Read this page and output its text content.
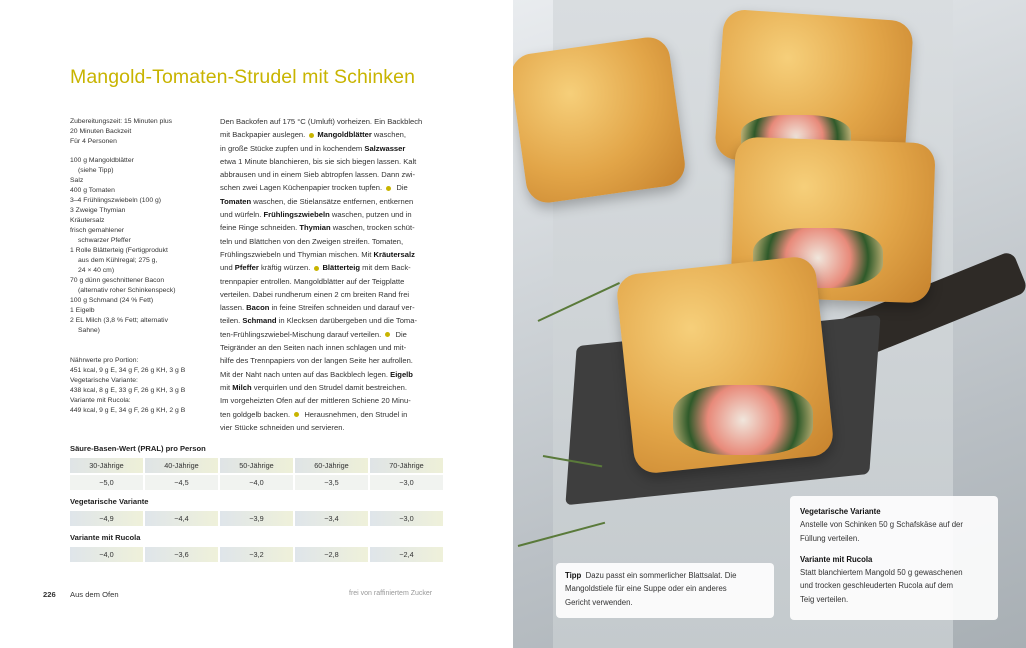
Mangold-Tomaten-Strudel mit Schinken
Zubereitungszeit: 15 Minuten plus
20 Minuten Backzeit
Für 4 Personen
100 g Mangoldblätter
(siehe Tipp)
Salz
400 g Tomaten
3–4 Frühlingszwiebeln (100 g)
3 Zweige Thymian
Kräutersalz
frisch gemahlener
schwarzer Pfeffer
1 Rolle Blätterteig (Fertigprodukt
aus dem Kühlregal; 275 g,
24 × 40 cm)
70 g dünn geschnittener Bacon
(alternativ roher Schinkenspeck)
100 g Schmand (24 % Fett)
1 Eigelb
2 EL Milch (3,8 % Fett; alternativ
Sahne)
Nährwerte pro Portion:
451 kcal, 9 g E, 34 g F, 26 g KH, 3 g B
Vegetarische Variante:
438 kcal, 8 g E, 33 g F, 26 g KH, 3 g B
Variante mit Rucola:
449 kcal, 9 g E, 34 g F, 26 g KH, 2 g B
Den Backofen auf 175 °C (Umluft) vorheizen. Ein Backblech
mit Backpapier auslegen. Mangoldblätter waschen,
in große Stücke zupfen und in kochendem Salzwasser
etwa 1 Minute blanchieren, bis sie sich biegen lassen. Kalt
abbrausen und in einem Sieb abtropfen lassen. Dann zwi-
schen zwei Lagen Küchenpapier trocken tupfen.  Die
Tomaten waschen, die Stielansätze entfernen, entkernen
und würfeln. Frühlingszwiebeln waschen, putzen und in
feine Ringe schneiden. Thymian waschen, trocken schüt-
teln und Blättchen von den Zweigen streifen. Tomaten,
Frühlingszwiebeln und Thymian mischen. Mit Kräutersalz
und Pfeffer kräftig würzen. Blätterteig mit dem Back-
trennpapier entrollen. Mangoldblätter auf der Teigplatte
verteilen. Dabei rundherum einen 2 cm breiten Rand frei
lassen. Bacon in feine Streifen schneiden und darauf ver-
teilen. Schmand in Klecksen darübergeben und die Toma-
ten-Frühlingszwiebel-Mischung darauf verteilen.  Die
Teigränder an den Seiten nach innen schlagen und mit-
hilfe des Trennpapiers von der langen Seite her aufrollen.
Mit der Naht nach unten auf das Backblech legen. Eigelb
mit Milch verquirlen und den Strudel damit bestreichen.
Im vorgeheizten Ofen auf der mittleren Schiene 20 Minu-
ten goldgelb backen.  Herausnehmen, den Strudel in
vier Stücke schneiden und servieren.
Säure-Basen-Wert (PRAL) pro Person
30-Jährige	40-Jährige	50-Jährige	60-Jährige	70-Jährige
−5,0	−4,5	−4,0	−3,5	−3,0
Vegetarische Variante
−4,9	−4,4	−3,9	−3,4	−3,0
Variante mit Rucola
−4,0	−3,6	−3,2	−2,8	−2,4
226 Aus dem Ofen	frei von raffiniertem Zucker
Tipp Dazu passt ein sommerlicher Blattsalat. Die
Mangoldstiele für eine Suppe oder ein anderes
Gericht verwenden.
Vegetarische Variante
Anstelle von Schinken 50 g Schafskäse auf der
Füllung verteilen.
Variante mit Rucola
Statt blanchiertem Mangold 50 g gewaschenen
und trocken geschleuderten Rucola auf dem
Teig verteilen.
